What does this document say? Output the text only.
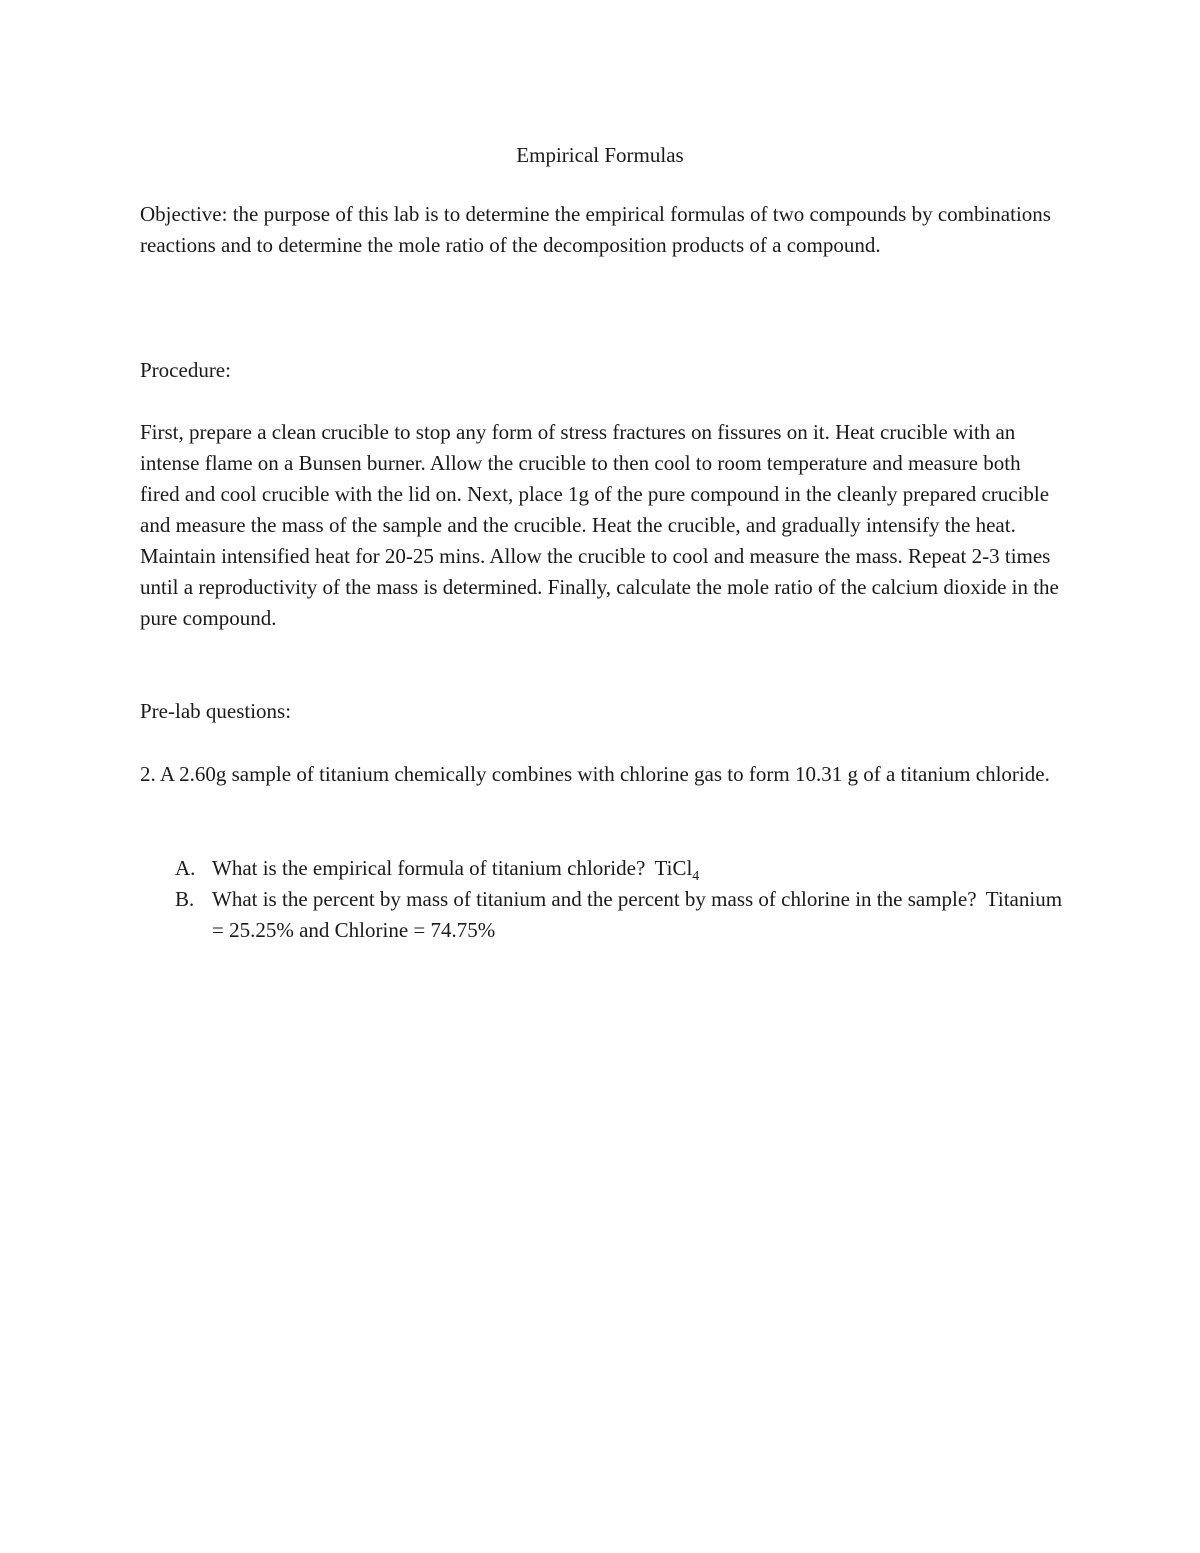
Empirical Formulas

Objective: the purpose of this lab is to determine the empirical formulas of two compounds by combinations reactions and to determine the mole ratio of the decomposition products of a compound.

Procedure:

First, prepare a clean crucible to stop any form of stress fractures on fissures on it. Heat crucible with an intense flame on a Bunsen burner. Allow the crucible to then cool to room temperature and measure both fired and cool crucible with the lid on. Next, place 1g of the pure compound in the cleanly prepared crucible and measure the mass of the sample and the crucible. Heat the crucible, and gradually intensify the heat. Maintain intensified heat for 20-25 mins. Allow the crucible to cool and measure the mass. Repeat 2-3 times until a reproductivity of the mass is determined. Finally, calculate the mole ratio of the calcium dioxide in the pure compound.

Pre-lab questions:

2. A 2.60g sample of titanium chemically combines with chlorine gas to form 10.31 g of a titanium chloride.

A. What is the empirical formula of titanium chloride? TiCl$_4$
B. What is the percent by mass of titanium and the percent by mass of chlorine in the sample? Titanium = 25.25% and Chlorine = 74.75%
